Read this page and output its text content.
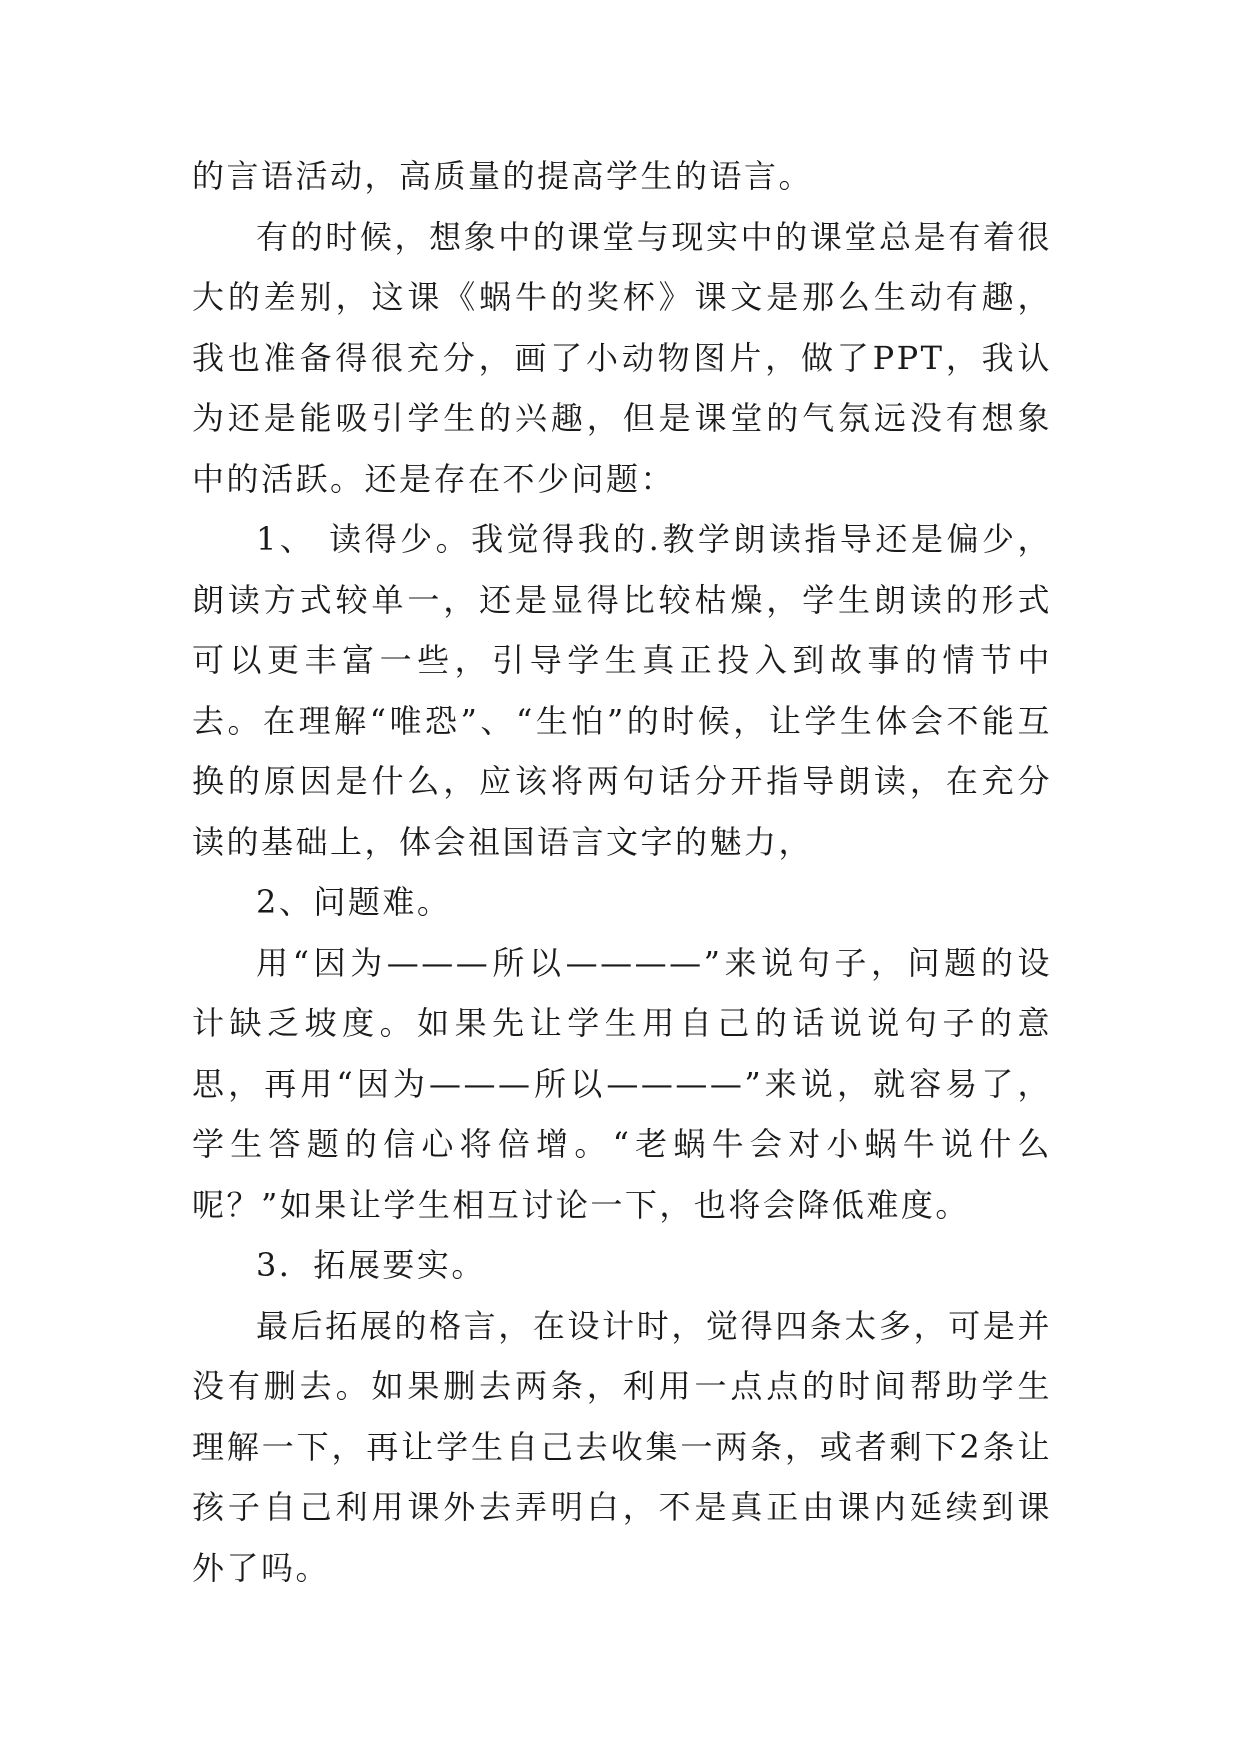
的言语活动，高质量的提高学生的语言。

有的时候，想象中的课堂与现实中的课堂总是有着很大的差别，这课《蜗牛的奖杯》课文是那么生动有趣，我也准备得很充分，画了小动物图片，做了PPT，我认为还是能吸引学生的兴趣，但是课堂的气氛远没有想象中的活跃。还是存在不少问题：

1、 读得少。我觉得我的.教学朗读指导还是偏少，朗读方式较单一，还是显得比较枯燥，学生朗读的形式可以更丰富一些，引导学生真正投入到故事的情节中去。在理解“唯恐”、“生怕”的时候，让学生体会不能互换的原因是什么，应该将两句话分开指导朗读，在充分读的基础上，体会祖国语言文字的魅力，

2、问题难。

用“因为———所以————”来说句子，问题的设计缺乏坡度。如果先让学生用自己的话说说句子的意思，再用“因为———所以————”来说，就容易了，学生答题的信心将倍增。“老蜗牛会对小蜗牛说什么呢？”如果让学生相互讨论一下，也将会降低难度。

3．拓展要实。

最后拓展的格言，在设计时，觉得四条太多，可是并没有删去。如果删去两条，利用一点点的时间帮助学生理解一下，再让学生自己去收集一两条，或者剩下2条让孩子自己利用课外去弄明白，不是真正由课内延续到课外了吗。
